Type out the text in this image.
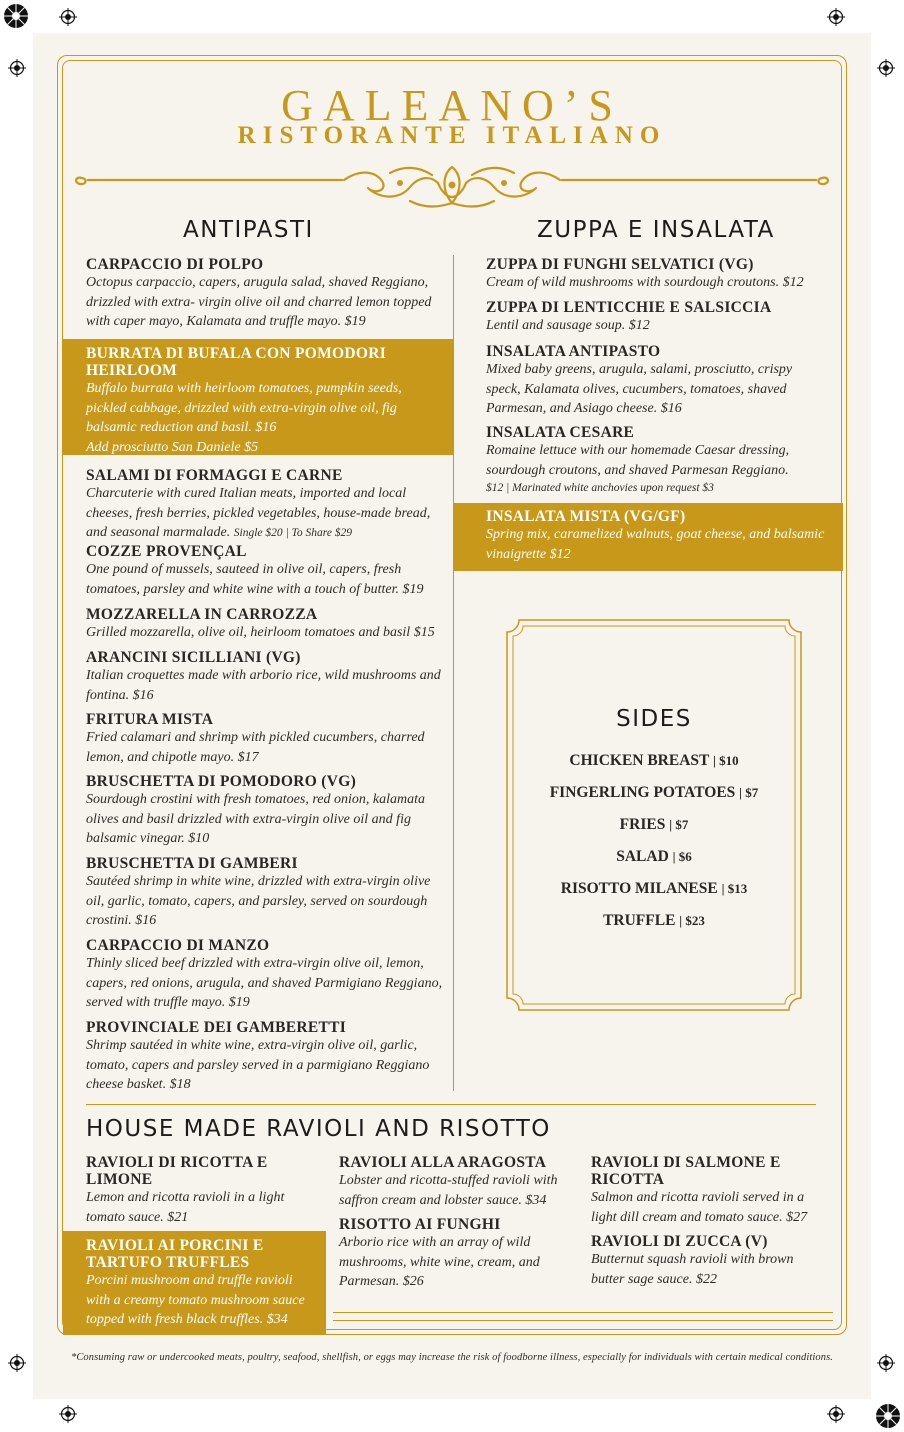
GALEANO’S
RISTORANTE ITALIANO
ANTIPASTI	ZUPPA E INSALATA
CARPACCIO DI POLPO
Octopus carpaccio, capers, arugula salad, shaved Reggiano, drizzled with extra- virgin olive oil and charred lemon topped with caper mayo, Kalamata and truffle mayo. $19
BURRATA DI BUFALA CON POMODORI HEIRLOOM
Buffalo burrata with heirloom tomatoes, pumpkin seeds, pickled cabbage, drizzled with extra-virgin olive oil, fig balsamic reduction and basil. $16
Add prosciutto San Daniele $5
SALAMI DI FORMAGGI E CARNE
Charcuterie with cured Italian meats, imported and local cheeses, fresh berries, pickled vegetables, house-made bread, and seasonal marmalade. Single $20 | To Share $29
COZZE PROVENÇAL
One pound of mussels, sauteed in olive oil, capers, fresh tomatoes, parsley and white wine with a touch of butter. $19
MOZZARELLA IN CARROZZA
Grilled mozzarella, olive oil, heirloom tomatoes and basil $15
ARANCINI SICILLIANI (VG)
Italian croquettes made with arborio rice, wild mushrooms and fontina. $16
FRITURA MISTA
Fried calamari and shrimp with pickled cucumbers, charred lemon, and chipotle mayo. $17
BRUSCHETTA DI POMODORO (VG)
Sourdough crostini with fresh tomatoes, red onion, kalamata olives and basil drizzled with extra-virgin olive oil and fig balsamic vinegar. $10
BRUSCHETTA DI GAMBERI
Sautéed shrimp in white wine, drizzled with extra-virgin olive oil, garlic, tomato, capers, and parsley, served on sourdough crostini. $16
CARPACCIO DI MANZO
Thinly sliced beef drizzled with extra-virgin olive oil, lemon, capers, red onions, arugula, and shaved Parmigiano Reggiano, served with truffle mayo. $19
PROVINCIALE DEI GAMBERETTI
Shrimp sautéed in white wine, extra-virgin olive oil, garlic, tomato, capers and parsley served in a parmigiano Reggiano cheese basket. $18
ZUPPA DI FUNGHI SELVATICI (VG)
Cream of wild mushrooms with sourdough croutons. $12
ZUPPA DI LENTICCHIE E SALSICCIA
Lentil and sausage soup. $12
INSALATA ANTIPASTO
Mixed baby greens, arugula, salami, prosciutto, crispy speck, Kalamata olives, cucumbers, tomatoes, shaved Parmesan, and Asiago cheese. $16
INSALATA CESARE
Romaine lettuce with our homemade Caesar dressing, sourdough croutons, and shaved Parmesan Reggiano.
$12 | Marinated white anchovies upon request $3
INSALATA MISTA (VG/GF)
Spring mix, caramelized walnuts, goat cheese, and balsamic vinaigrette $12
SIDES
CHICKEN BREAST | $10
FINGERLING POTATOES | $7
FRIES | $7
SALAD | $6
RISOTTO MILANESE | $13
TRUFFLE | $23
HOUSE MADE RAVIOLI AND RISOTTO
RAVIOLI DI RICOTTA E LIMONE
Lemon and ricotta ravioli in a light tomato sauce. $21
RAVIOLI AI PORCINI E TARTUFO TRUFFLES
Porcini mushroom and truffle ravioli with a creamy tomato mushroom sauce topped with fresh black truffles. $34
RAVIOLI ALLA ARAGOSTA
Lobster and ricotta-stuffed ravioli with saffron cream and lobster sauce. $34
RISOTTO AI FUNGHI
Arborio rice with an array of wild mushrooms, white wine, cream, and Parmesan. $26
RAVIOLI DI SALMONE E RICOTTA
Salmon and ricotta ravioli served in a light dill cream and tomato sauce. $27
RAVIOLI DI ZUCCA (V)
Butternut squash ravioli with brown butter sage sauce. $22
*Consuming raw or undercooked meats, poultry, seafood, shellfish, or eggs may increase the risk of foodborne illness, especially for individuals with certain medical conditions.
